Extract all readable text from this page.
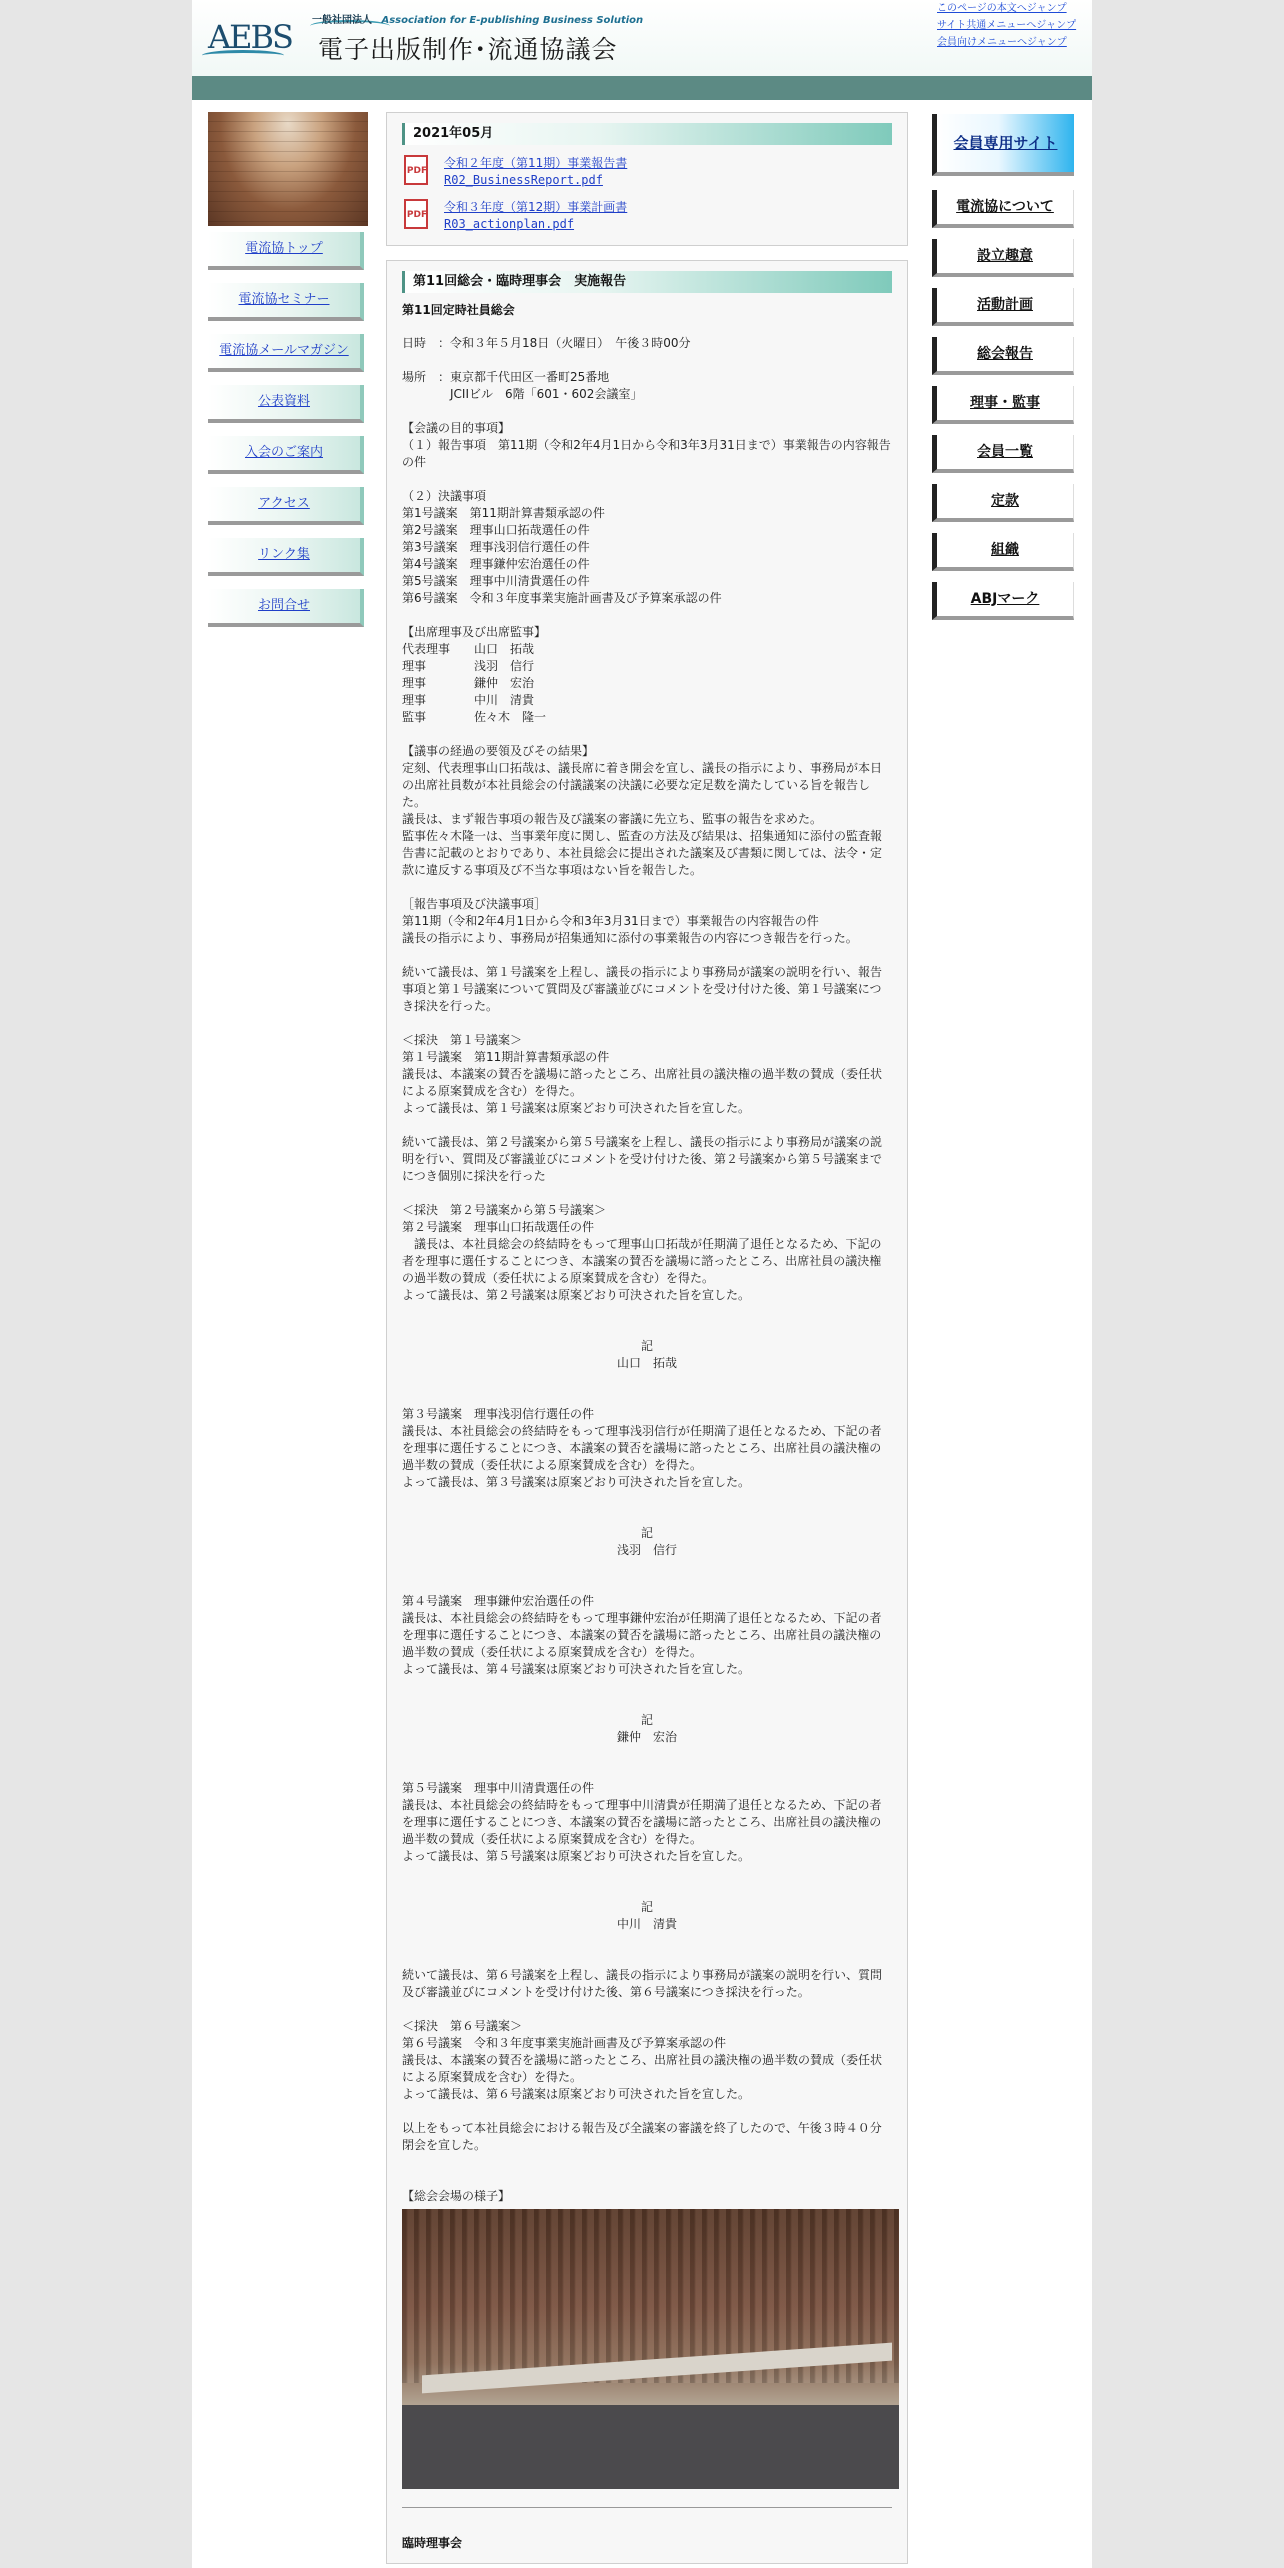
AEBS 一般社団法人 Association for E-publishing Business Solution
電子出版制作･流通協議会
このページの本文へジャンプ
サイト共通メニューへジャンプ
会員向けメニューへジャンプ
電流協トップ
電流協セミナー
電流協メールマガジン
公表資料
入会のご案内
アクセス
リンク集
お問合せ
会員専用サイト
電流協について
設立趣意
活動計画
総会報告
理事・監事
会員一覧
定款
組織
ABJマーク
2021年05月
PDF
令和２年度（第11期）事業報告書
R02_BusinessReport.pdf
PDF
令和３年度（第12期）事業計画書
R03_actionplan.pdf
第11回総会・臨時理事会　実施報告
第11回定時社員総会

日時　：令和３年５月18日（火曜日）　午後３時00分

場所　：東京都千代田区一番町25番地
　　　　JCIIビル　6階「601・602会議室」

【会議の目的事項】
（１）報告事項　第11期（令和2年4月1日から令和3年3月31日まで）事業報告の内容報告の件

（２）決議事項
第1号議案　第11期計算書類承認の件
第2号議案　理事山口拓哉選任の件
第3号議案　理事浅羽信行選任の件
第4号議案　理事鎌仲宏治選任の件
第5号議案　理事中川清貴選任の件
第6号議案　令和３年度事業実施計画書及び予算案承認の件

【出席理事及び出席監事】
代表理事　　山口　拓哉
理事　　　　浅羽　信行
理事　　　　鎌仲　宏治
理事　　　　中川　清貴
監事　　　　佐々木　隆一

【議事の経過の要領及びその結果】
定刻、代表理事山口拓哉は、議長席に着き開会を宣し、議長の指示により、事務局が本日の出席社員数が本社員総会の付議議案の決議に必要な定足数を満たしている旨を報告した。
議長は、まず報告事項の報告及び議案の審議に先立ち、監事の報告を求めた。
監事佐々木隆一は、当事業年度に関し、監査の方法及び結果は、招集通知に添付の監査報告書に記載のとおりであり、本社員総会に提出された議案及び書類に関しては、法令・定款に違反する事項及び不当な事項はない旨を報告した。

［報告事項及び決議事項］
第11期（令和2年4月1日から令和3年3月31日まで）事業報告の内容報告の件
議長の指示により、事務局が招集通知に添付の事業報告の内容につき報告を行った。

続いて議長は、第１号議案を上程し、議長の指示により事務局が議案の説明を行い、報告事項と第１号議案について質問及び審議並びにコメントを受け付けた後、第１号議案につき採決を行った。

＜採決　第１号議案＞
第１号議案　第11期計算書類承認の件
議長は、本議案の賛否を議場に諮ったところ、出席社員の議決権の過半数の賛成（委任状による原案賛成を含む）を得た。
よって議長は、第１号議案は原案どおり可決された旨を宣した。

続いて議長は、第２号議案から第５号議案を上程し、議長の指示により事務局が議案の説明を行い、質問及び審議並びにコメントを受け付けた後、第２号議案から第５号議案までにつき個別に採決を行った

＜採決　第２号議案から第５号議案＞
第２号議案　理事山口拓哉選任の件
　議長は、本社員総会の終結時をもって理事山口拓哉が任期満了退任となるため、下記の者を理事に選任することにつき、本議案の賛否を議場に諮ったところ、出席社員の議決権の過半数の賛成（委任状による原案賛成を含む）を得た。
よって議長は、第２号議案は原案どおり可決された旨を宣した。

記

山口　拓哉

第３号議案　理事浅羽信行選任の件
議長は、本社員総会の終結時をもって理事浅羽信行が任期満了退任となるため、下記の者を理事に選任することにつき、本議案の賛否を議場に諮ったところ、出席社員の議決権の過半数の賛成（委任状による原案賛成を含む）を得た。
よって議長は、第３号議案は原案どおり可決された旨を宣した。

記

浅羽　信行

第４号議案　理事鎌仲宏治選任の件
議長は、本社員総会の終結時をもって理事鎌仲宏治が任期満了退任となるため、下記の者を理事に選任することにつき、本議案の賛否を議場に諮ったところ、出席社員の議決権の過半数の賛成（委任状による原案賛成を含む）を得た。
よって議長は、第４号議案は原案どおり可決された旨を宣した。

記

鎌仲　宏治

第５号議案　理事中川清貴選任の件
議長は、本社員総会の終結時をもって理事中川清貴が任期満了退任となるため、下記の者を理事に選任することにつき、本議案の賛否を議場に諮ったところ、出席社員の議決権の過半数の賛成（委任状による原案賛成を含む）を得た。
よって議長は、第５号議案は原案どおり可決された旨を宣した。

記

中川　清貴

続いて議長は、第６号議案を上程し、議長の指示により事務局が議案の説明を行い、質問及び審議並びにコメントを受け付けた後、第６号議案につき採決を行った。

＜採決　第６号議案＞
第６号議案　令和３年度事業実施計画書及び予算案承認の件
議長は、本議案の賛否を議場に諮ったところ、出席社員の議決権の過半数の賛成（委任状による原案賛成を含む）を得た。
よって議長は、第６号議案は原案どおり可決された旨を宣した。

以上をもって本社員総会における報告及び全議案の審議を終了したので、午後３時４０分閉会を宣した。

【総会会場の様子】

臨時理事会
